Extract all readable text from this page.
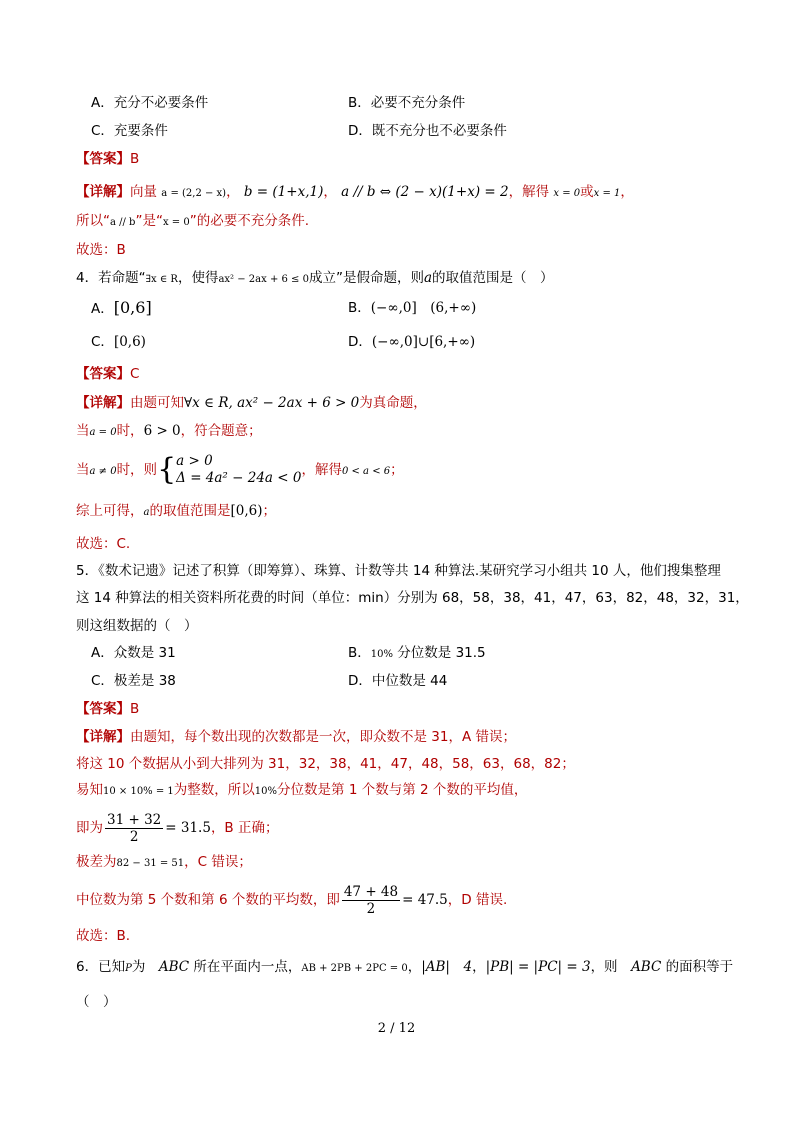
A．充分不必要条件	B．必要不充分条件
C．充要条件	D．既不充分也不必要条件
【答案】B
【详解】向量 a = (2,2 − x)， b = (1+x,1)， a // b ⇔ (2 − x)(1+x) = 2，解得 x = 0或x = 1，
所以“a // b”是“x = 0”的必要不充分条件.
故选：B
4．若命题“∃x ∈ R，使得ax² − 2ax + 6 ≤ 0成立”是假命题，则a的取值范围是（　）
A．[0,6]	B．(−∞,0]　(6,+∞)
C．[0,6)	D．(−∞,0]∪[6,+∞)
【答案】C
【详解】由题可知∀x ∈ R, ax² − 2ax + 6 > 0为真命题，
当a = 0时，6 > 0，符合题意；
当a ≠ 0时，则{ a > 0
Δ = 4a² − 24a < 0 ，解得0 < a < 6；
综上可得，a的取值范围是[0,6)；
故选：C.
5．《数术记遗》记述了积算（即筹算）、珠算、计数等共 14 种算法.某研究学习小组共 10 人，他们搜集整理
这 14 种算法的相关资料所花费的时间（单位：min）分别为 68，58，38，41，47，63，82，48，32，31，
则这组数据的（　）
A．众数是 31	B．10% 分位数是 31.5
C．极差是 38	D．中位数是 44
【答案】B
【详解】由题知，每个数出现的次数都是一次，即众数不是 31，A 错误；
将这 10 个数据从小到大排列为 31，32，38，41，47，48，58，63，68，82；
易知10 × 10% = 1为整数，所以10%分位数是第 1 个数与第 2 个数的平均值，
即为 $\frac{31 + 32}{2} = 31.5$，B 正确；
极差为82 − 31 = 51，C 错误；
中位数为第 5 个数和第 6 个数的平均数，即 $\frac{47 + 48}{2} = 47.5$，D 错误.
故选：B.
6．已知P为　ABC 所在平面内一点，AB + 2PB + 2PC = 0，|AB|　4，|PB| = |PC| = 3，则　ABC 的面积等于
（　）
2 / 12
